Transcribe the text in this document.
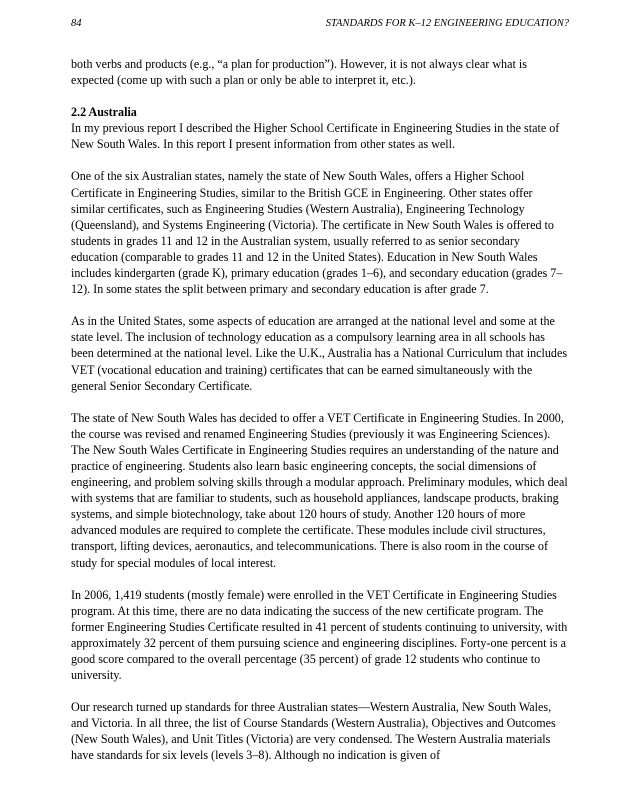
84	STANDARDS FOR K–12 ENGINEERING EDUCATION?

both verbs and products (e.g., “a plan for production”). However, it is not always clear what is expected (come up with such a plan or only be able to interpret it, etc.).

2.2 Australia

In my previous report I described the Higher School Certificate in Engineering Studies in the state of New South Wales. In this report I present information from other states as well.

One of the six Australian states, namely the state of New South Wales, offers a Higher School Certificate in Engineering Studies, similar to the British GCE in Engineering. Other states offer similar certificates, such as Engineering Studies (Western Australia), Engineering Technology (Queensland), and Systems Engineering (Victoria). The certificate in New South Wales is offered to students in grades 11 and 12 in the Australian system, usually referred to as senior secondary education (comparable to grades 11 and 12 in the United States). Education in New South Wales includes kindergarten (grade K), primary education (grades 1–6), and secondary education (grades 7–12). In some states the split between primary and secondary education is after grade 7.

As in the United States, some aspects of education are arranged at the national level and some at the state level. The inclusion of technology education as a compulsory learning area in all schools has been determined at the national level. Like the U.K., Australia has a National Curriculum that includes VET (vocational education and training) certificates that can be earned simultaneously with the general Senior Secondary Certificate.

The state of New South Wales has decided to offer a VET Certificate in Engineering Studies. In 2000, the course was revised and renamed Engineering Studies (previously it was Engineering Sciences). The New South Wales Certificate in Engineering Studies requires an understanding of the nature and practice of engineering. Students also learn basic engineering concepts, the social dimensions of engineering, and problem solving skills through a modular approach. Preliminary modules, which deal with systems that are familiar to students, such as household appliances, landscape products, braking systems, and simple biotechnology, take about 120 hours of study. Another 120 hours of more advanced modules are required to complete the certificate. These modules include civil structures, transport, lifting devices, aeronautics, and telecommunications. There is also room in the course of study for special modules of local interest.

In 2006, 1,419 students (mostly female) were enrolled in the VET Certificate in Engineering Studies program. At this time, there are no data indicating the success of the new certificate program. The former Engineering Studies Certificate resulted in 41 percent of students continuing to university, with approximately 32 percent of them pursuing science and engineering disciplines. Forty-one percent is a good score compared to the overall percentage (35 percent) of grade 12 students who continue to university.

Our research turned up standards for three Australian states—Western Australia, New South Wales, and Victoria. In all three, the list of Course Standards (Western Australia), Objectives and Outcomes (New South Wales), and Unit Titles (Victoria) are very condensed. The Western Australia materials have standards for six levels (levels 3–8). Although no indication is given of
